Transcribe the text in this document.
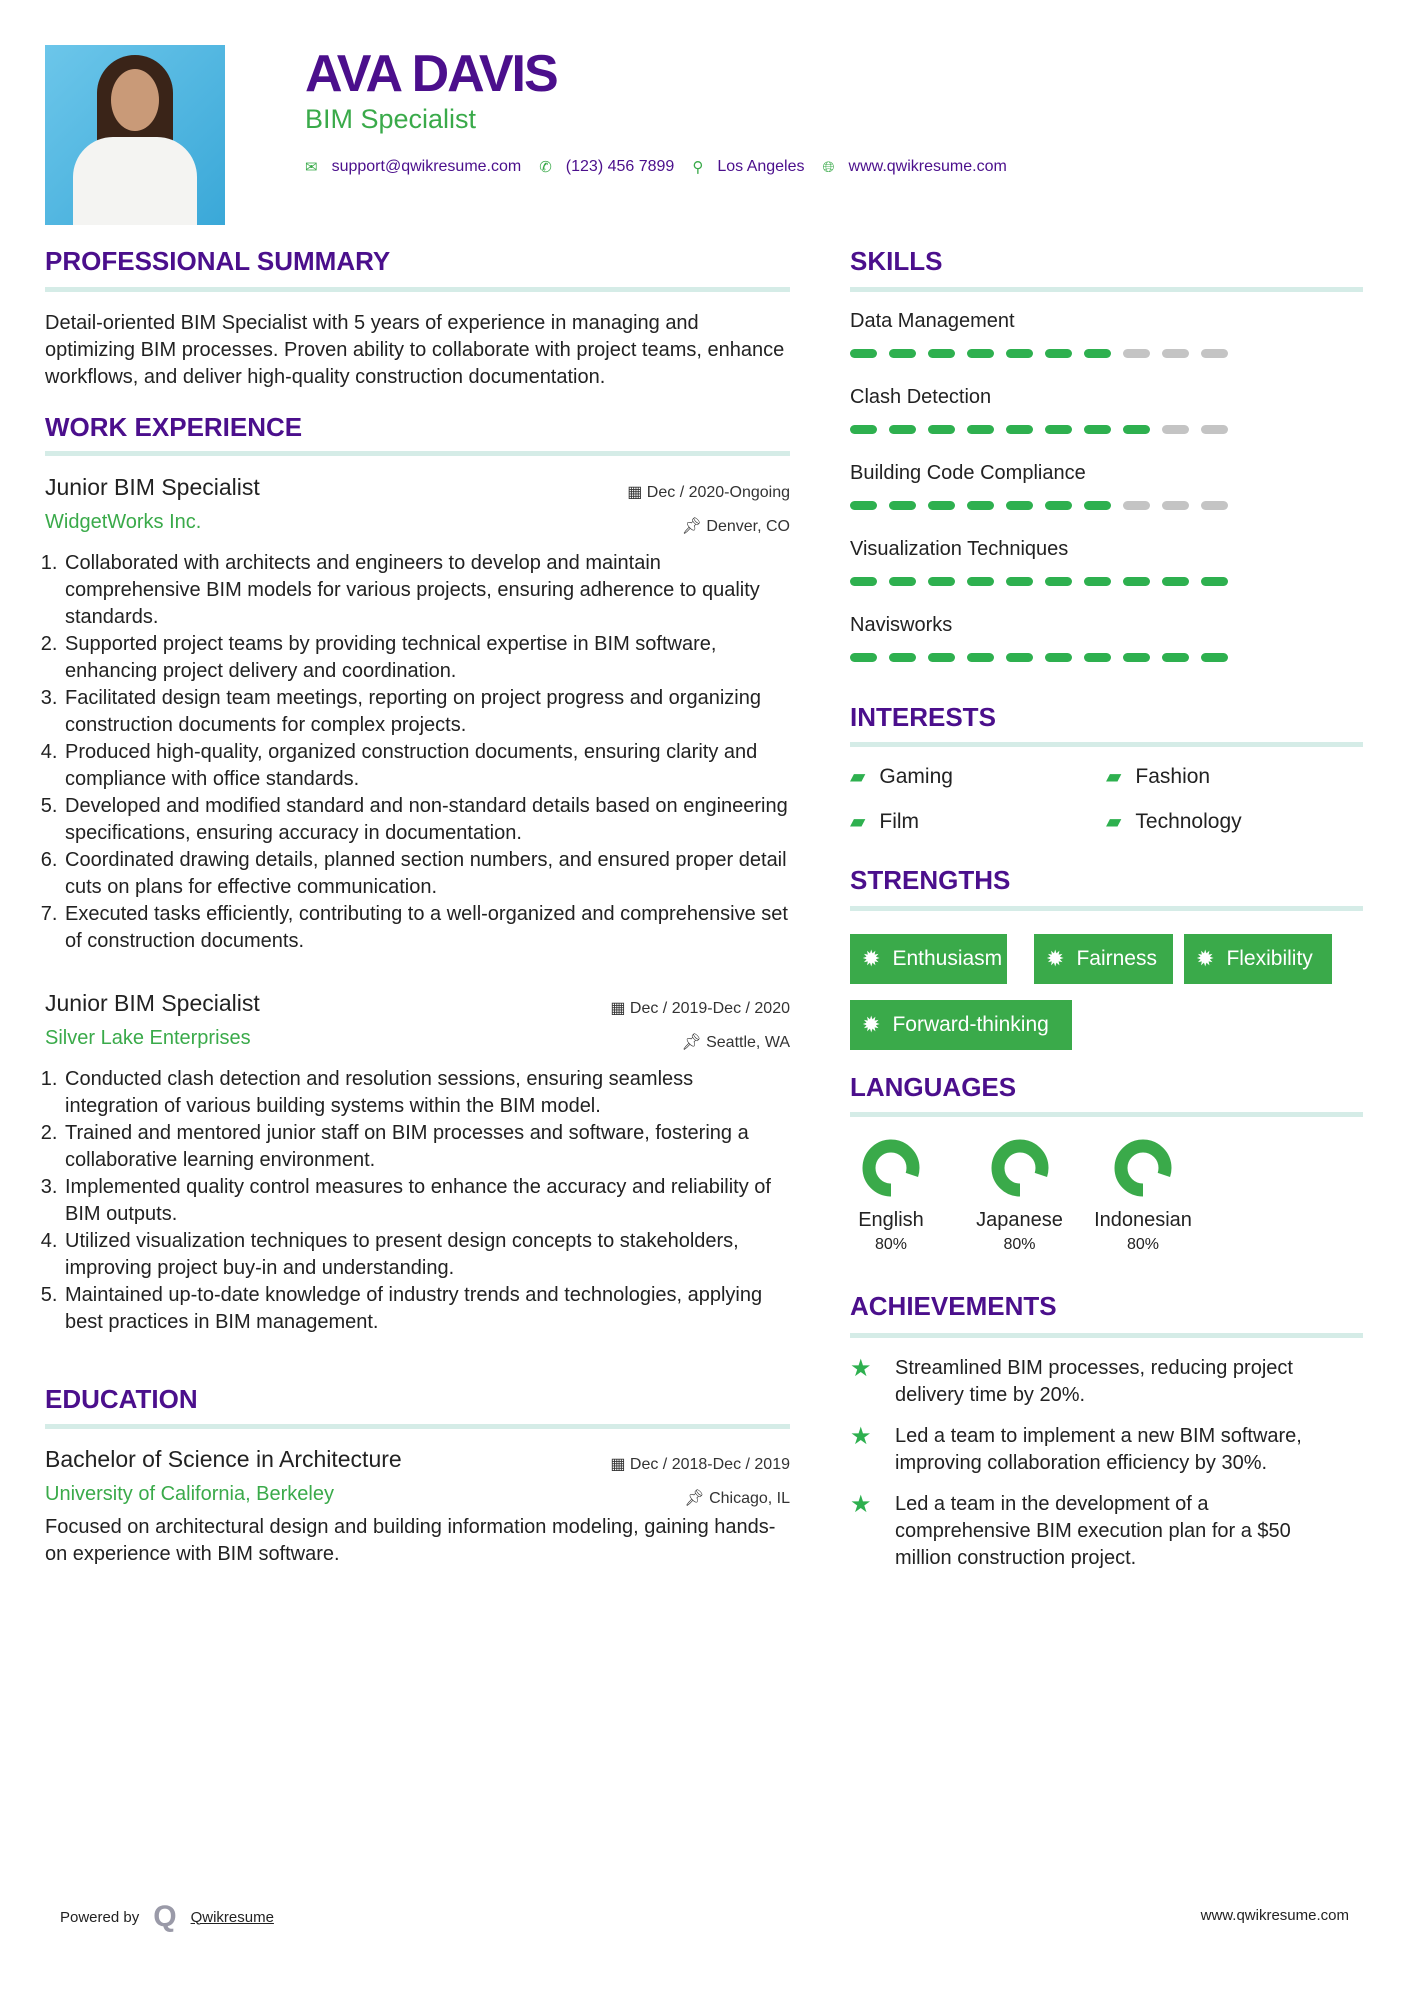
AVA DAVIS
BIM Specialist
✉ support@qwikresume.com ✆ (123) 456 7899 ⚲ Los Angeles 🌐︎ www.qwikresume.com
PROFESSIONAL SUMMARY
Detail-oriented BIM Specialist with 5 years of experience in managing and optimizing BIM processes. Proven ability to collaborate with project teams, enhance workflows, and deliver high-quality construction documentation.
WORK EXPERIENCE
Junior BIM Specialist	▦ Dec / 2020-Ongoing
WidgetWorks Inc.	📌︎ Denver, CO
1. Collaborated with architects and engineers to develop and maintain comprehensive BIM models for various projects, ensuring adherence to quality standards.
2. Supported project teams by providing technical expertise in BIM software, enhancing project delivery and coordination.
3. Facilitated design team meetings, reporting on project progress and organizing construction documents for complex projects.
4. Produced high-quality, organized construction documents, ensuring clarity and compliance with office standards.
5. Developed and modified standard and non-standard details based on engineering specifications, ensuring accuracy in documentation.
6. Coordinated drawing details, planned section numbers, and ensured proper detail cuts on plans for effective communication.
7. Executed tasks efficiently, contributing to a well-organized and comprehensive set of construction documents.
Junior BIM Specialist	▦ Dec / 2019-Dec / 2020
Silver Lake Enterprises	📌︎ Seattle, WA
1. Conducted clash detection and resolution sessions, ensuring seamless integration of various building systems within the BIM model.
2. Trained and mentored junior staff on BIM processes and software, fostering a collaborative learning environment.
3. Implemented quality control measures to enhance the accuracy and reliability of BIM outputs.
4. Utilized visualization techniques to present design concepts to stakeholders, improving project buy-in and understanding.
5. Maintained up-to-date knowledge of industry trends and technologies, applying best practices in BIM management.
EDUCATION
Bachelor of Science in Architecture	▦ Dec / 2018-Dec / 2019
University of California, Berkeley	📌︎ Chicago, IL
Focused on architectural design and building information modeling, gaining hands-on experience with BIM software.
SKILLS
Data Management
Clash Detection
Building Code Compliance
Visualization Techniques
Navisworks
INTERESTS
▰ Gaming	▰ Fashion
▰ Film	▰ Technology
STRENGTHS
✹ Enthusiasm ✹ Fairness ✹ Flexibility
✹ Forward-thinking
LANGUAGES
English
80%
Japanese
80%
Indonesian
80%
ACHIEVEMENTS
★	Streamlined BIM processes, reducing project delivery time by 20%.
★	Led a team to implement a new BIM software, improving collaboration efficiency by 30%.
★	Led a team in the development of a comprehensive BIM execution plan for a $50 million construction project.
Powered by Q Qwikresume	www.qwikresume.com
